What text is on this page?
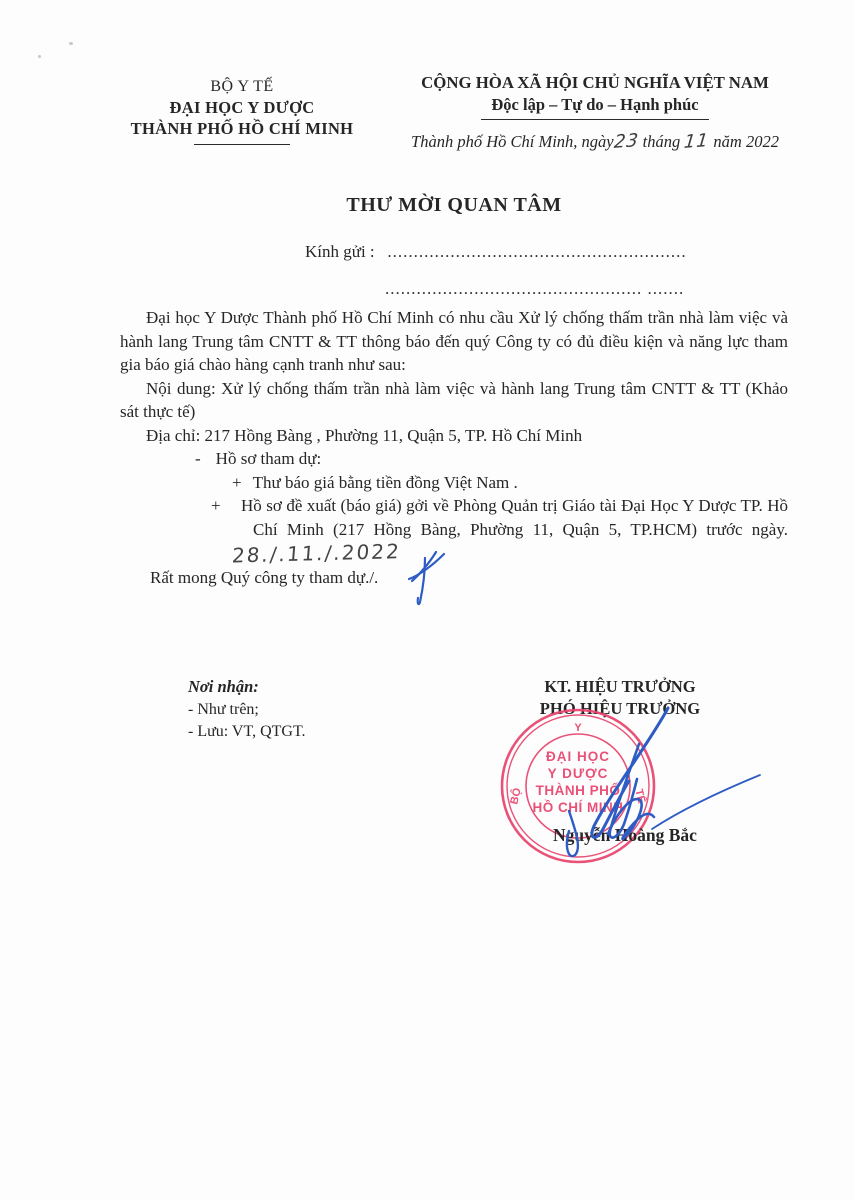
BỘ Y TẾ
ĐẠI HỌC Y DƯỢC
THÀNH PHỐ HỒ CHÍ MINH
CỘNG HÒA XÃ HỘI CHỦ NGHĨA VIỆT NAM
Độc lập – Tự do – Hạnh phúc
Thành phố Hồ Chí Minh, ngày23 tháng 11 năm 2022
THƯ MỜI QUAN TÂM
Kính gửi : .........................................................
................................................. .......

Đại học Y Dược Thành phố Hồ Chí Minh có nhu cầu Xử lý chống thấm trần nhà làm việc và hành lang Trung tâm CNTT & TT thông báo đến quý Công ty có đủ điều kiện và năng lực tham gia báo giá chào hàng cạnh tranh như sau:

Nội dung: Xử lý chống thấm trần nhà làm việc và hành lang Trung tâm CNTT & TT (Khảo sát thực tế)

Địa chỉ: 217 Hồng Bàng , Phường 11, Quận 5, TP. Hồ Chí Minh

- Hồ sơ tham dự:

+ Thư báo giá bằng tiền đồng Việt Nam .

+ Hồ sơ đề xuất (báo giá) gởi về Phòng Quản trị Giáo tài Đại Học Y Dược TP. Hồ Chí Minh (217 Hồng Bàng, Phường 11, Quận 5, TP.HCM) trước ngày.28./.11./.2022

Rất mong Quý công ty tham dự./.

Nơi nhận:
- Như trên;
- Lưu: VT, QTGT.
KT. HIỆU TRƯỞNG
PHÓ HIỆU TRƯỞNG
Y
BỘ	TẾ
ĐẠI HỌC
Y DƯỢC
THÀNH PHỐ
HỒ CHÍ MINH
Nguyễn Hoàng Bắc
